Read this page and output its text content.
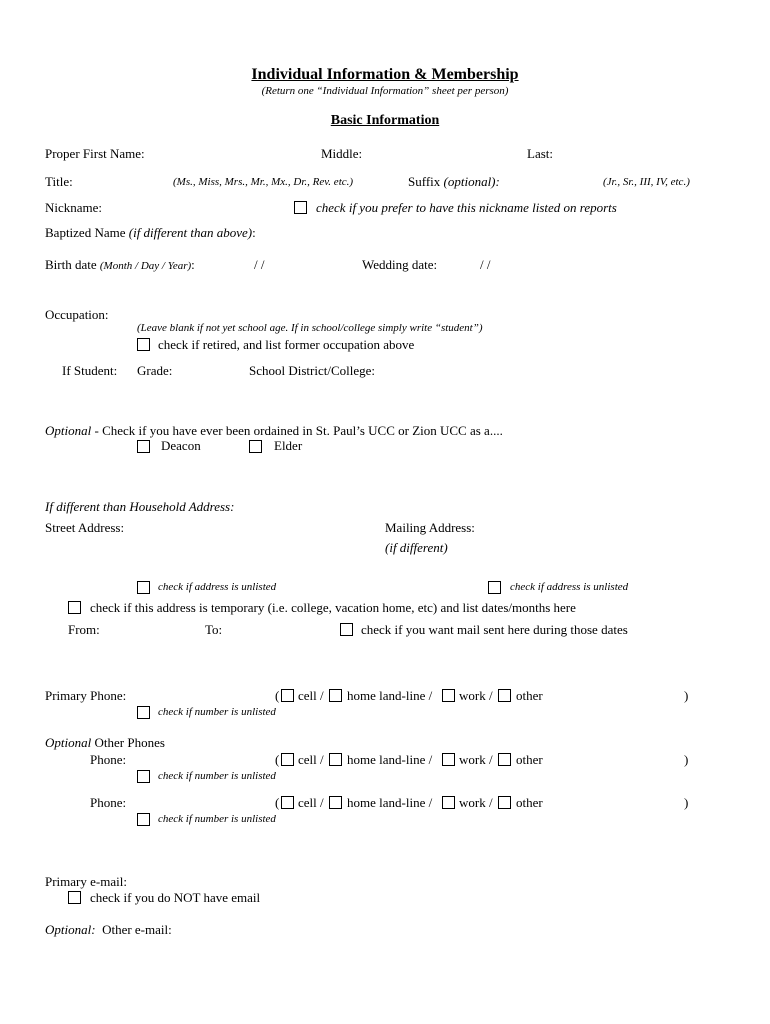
Individual Information & Membership
(Return one “Individual Information” sheet per person)
Basic Information
Proper First Name:	Middle:	Last:
Title:	(Ms., Miss, Mrs., Mr., Mx., Dr., Rev. etc.)	Suffix (optional):	(Jr., Sr., III, IV, etc.)
Nickname:	check if you prefer to have this nickname listed on reports
Baptized Name (if different than above):
Birth date (Month / Day / Year):	/ /	Wedding date:	/ /
Occupation:
(Leave blank if not yet school age. If in school/college simply write “student”)
check if retired, and list former occupation above
If Student: Grade:	School District/College:
Optional - Check if you have ever been ordained in St. Paul’s UCC or Zion UCC as a....
Deacon	Elder
If different than Household Address:
Street Address:	Mailing Address:
(if different)
check if address is unlisted	check if address is unlisted
check if this address is temporary (i.e. college, vacation home, etc) and list dates/months here
From:	To:	check if you want mail sent here during those dates
Primary Phone:	( cell / home land-line / work / other	)
check if number is unlisted
Optional Other Phones
Phone:	( cell / home land-line / work / other	)
check if number is unlisted
Phone:	( cell / home land-line / work / other	)
check if number is unlisted
Primary e-mail:
check if you do NOT have email
Optional:  Other e-mail:
